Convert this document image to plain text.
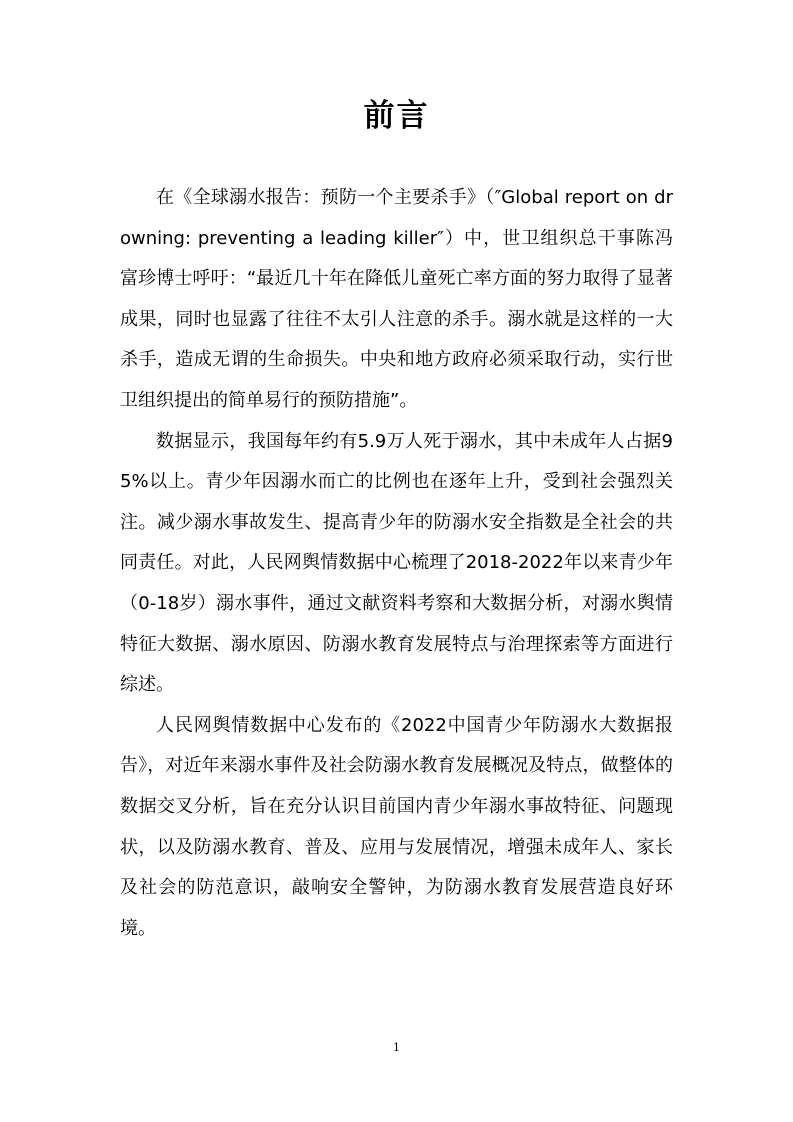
前言

在《全球溺水报告：预防一个主要杀手》（″Global report on drowning: preventing a leading killer″）中，世卫组织总干事陈冯富珍博士呼吁：“最近几十年在降低儿童死亡率方面的努力取得了显著成果，同时也显露了往往不太引人注意的杀手。溺水就是这样的一大杀手，造成无谓的生命损失。中央和地方政府必须采取行动，实行世卫组织提出的简单易行的预防措施”。

数据显示，我国每年约有5.9万人死于溺水，其中未成年人占据95%以上。青少年因溺水而亡的比例也在逐年上升，受到社会强烈关注。减少溺水事故发生、提高青少年的防溺水安全指数是全社会的共同责任。对此，人民网舆情数据中心梳理了2018-2022年以来青少年（0-18岁）溺水事件，通过文献资料考察和大数据分析，对溺水舆情特征大数据、溺水原因、防溺水教育发展特点与治理探索等方面进行综述。

人民网舆情数据中心发布的《2022中国青少年防溺水大数据报告》，对近年来溺水事件及社会防溺水教育发展概况及特点，做整体的数据交叉分析，旨在充分认识目前国内青少年溺水事故特征、问题现状，以及防溺水教育、普及、应用与发展情况，增强未成年人、家长及社会的防范意识，敲响安全警钟，为防溺水教育发展营造良好环境。

1
